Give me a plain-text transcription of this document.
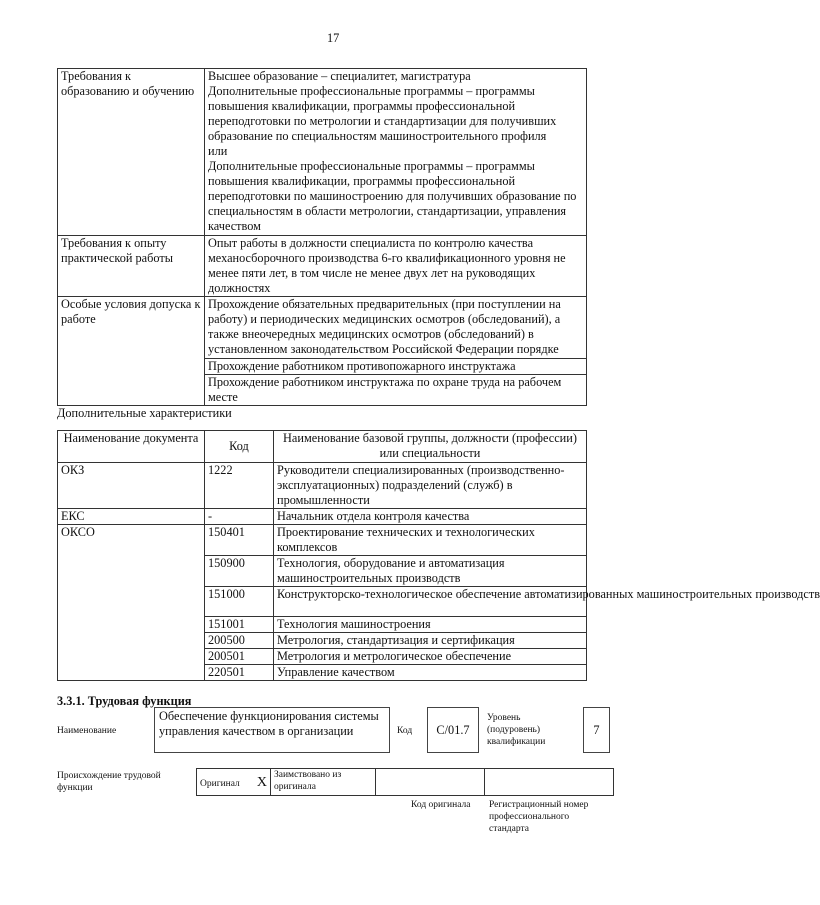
17
Требования к образованию и обучению	Высшее образование – специалитет, магистратура
Дополнительные профессиональные программы – программы повышения квалификации, программы профессиональной переподготовки по метрологии и стандартизации для получивших образование по специальностям машиностроительного профиля
или
Дополнительные профессиональные программы – программы повышения квалификации, программы профессиональной переподготовки по машиностроению для получивших образование по специальностям в области метрологии, стандартизации, управления качеством
Требования к опыту практической работы	Опыт работы в должности специалиста по контролю качества механосборочного производства 6-го квалификационного уровня не менее пяти лет, в том числе не менее двух лет на руководящих должностях
Особые условия допуска к работе	Прохождение обязательных предварительных (при поступлении на работу) и периодических медицинских осмотров (обследований), а также внеочередных медицинских осмотров (обследований) в установленном законодательством Российской Федерации порядке
	Прохождение работником противопожарного инструктажа
	Прохождение работником инструктажа по охране труда на рабочем месте
Дополнительные характеристики
Наименование документа	Код	Наименование базовой группы, должности (профессии) или специальности
ОКЗ	1222	Руководители специализированных (производственно-эксплуатационных) подразделений (служб) в промышленности
ЕКС	-	Начальник отдела контроля качества
ОКСО	150401	Проектирование технических и технологических комплексов
	150900	Технология, оборудование и автоматизация машиностроительных производств
	151000	Конструкторско-технологическое обеспечение автоматизированных машиностроительных производств
	151001	Технология машиностроения
	200500	Метрология, стандартизация и сертификация
	200501	Метрология и метрологическое обеспечение
	220501	Управление качеством
3.3.1. Трудовая функция
Наименование
Обеспечение функционирования системы управления качеством в организации	Код	C/01.7
Уровень (подуровень) квалификации
7
Происхождение трудовой функции	Оригинал X	Заимствовано из оригинала		
Код оригинала Регистрационный номер профессионального стандарта
